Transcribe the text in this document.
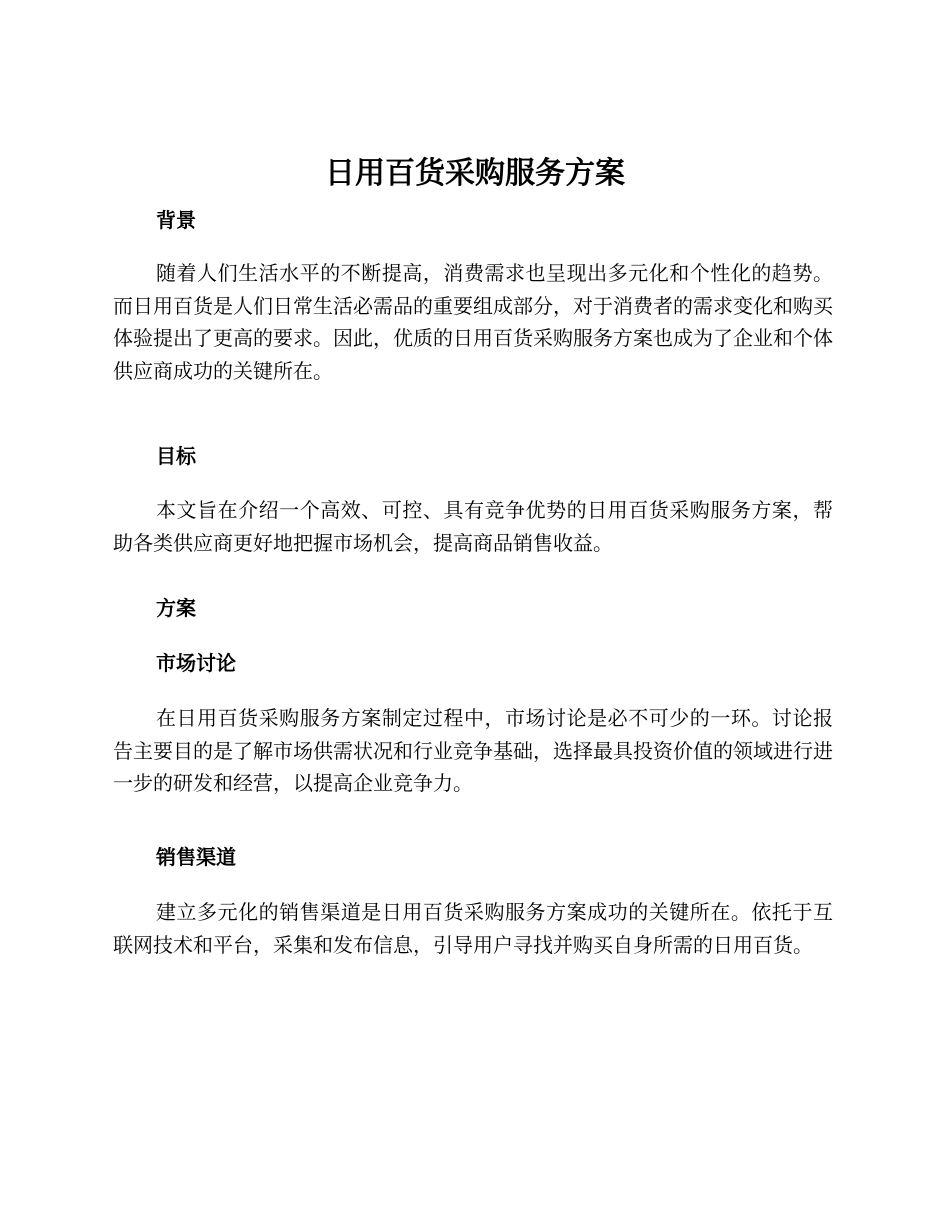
日用百货采购服务方案
背景

随着人们生活水平的不断提高，消费需求也呈现出多元化和个性化的趋势。而日用百货是人们日常生活必需品的重要组成部分，对于消费者的需求变化和购买体验提出了更高的要求。因此，优质的日用百货采购服务方案也成为了企业和个体供应商成功的关键所在。

目标

本文旨在介绍一个高效、可控、具有竞争优势的日用百货采购服务方案，帮助各类供应商更好地把握市场机会，提高商品销售收益。

方案
市场讨论

在日用百货采购服务方案制定过程中，市场讨论是必不可少的一环。讨论报告主要目的是了解市场供需状况和行业竞争基础，选择最具投资价值的领域进行进一步的研发和经营，以提高企业竞争力。

销售渠道

建立多元化的销售渠道是日用百货采购服务方案成功的关键所在。依托于互联网技术和平台，采集和发布信息，引导用户寻找并购买自身所需的日用百货。
